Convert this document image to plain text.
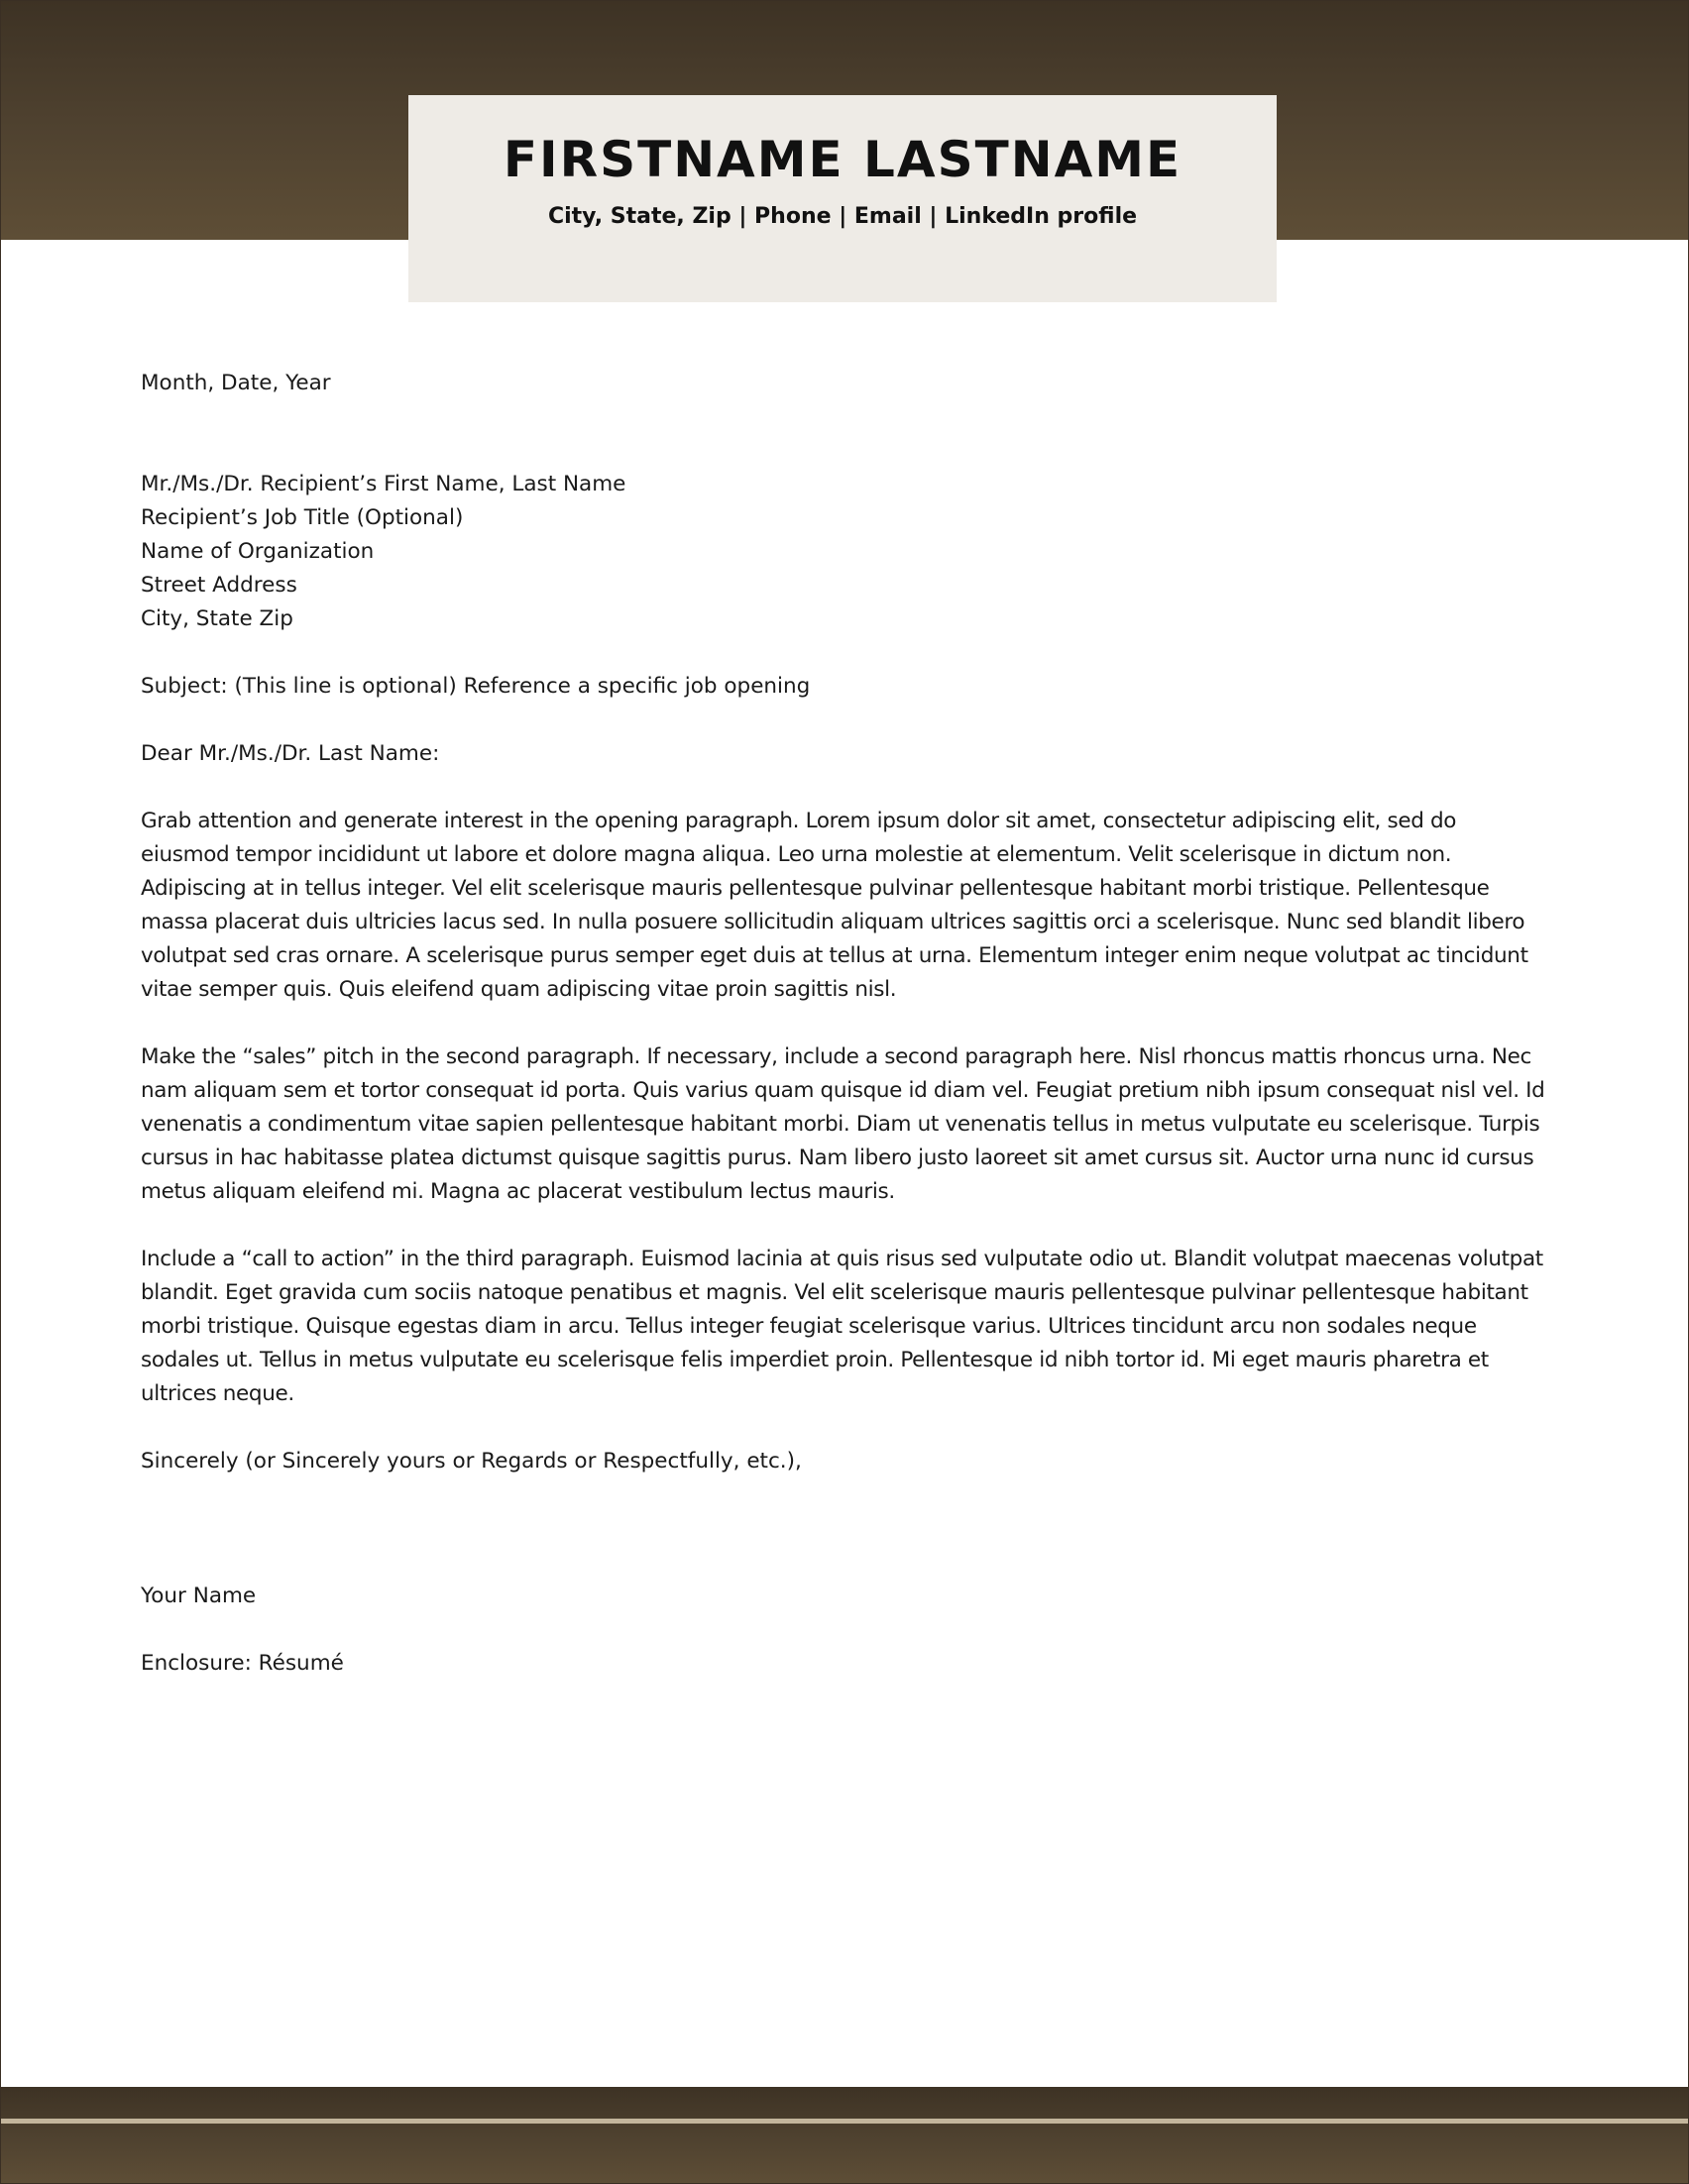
FIRSTNAME LASTNAME
City, State, Zip | Phone | Email | LinkedIn profile

Month, Date, Year

Mr./Ms./Dr. Recipient’s First Name, Last Name
Recipient’s Job Title (Optional)
Name of Organization
Street Address
City, State Zip

Subject: (This line is optional) Reference a specific job opening

Dear Mr./Ms./Dr. Last Name:

Grab attention and generate interest in the opening paragraph. Lorem ipsum dolor sit amet, consectetur adipiscing elit, sed do eiusmod tempor incididunt ut labore et dolore magna aliqua. Leo urna molestie at elementum. Velit scelerisque in dictum non. Adipiscing at in tellus integer. Vel elit scelerisque mauris pellentesque pulvinar pellentesque habitant morbi tristique. Pellentesque massa placerat duis ultricies lacus sed. In nulla posuere sollicitudin aliquam ultrices sagittis orci a scelerisque. Nunc sed blandit libero volutpat sed cras ornare. A scelerisque purus semper eget duis at tellus at urna. Elementum integer enim neque volutpat ac tincidunt vitae semper quis. Quis eleifend quam adipiscing vitae proin sagittis nisl.

Make the “sales” pitch in the second paragraph. If necessary, include a second paragraph here. Nisl rhoncus mattis rhoncus urna. Nec nam aliquam sem et tortor consequat id porta. Quis varius quam quisque id diam vel. Feugiat pretium nibh ipsum consequat nisl vel. Id venenatis a condimentum vitae sapien pellentesque habitant morbi. Diam ut venenatis tellus in metus vulputate eu scelerisque. Turpis cursus in hac habitasse platea dictumst quisque sagittis purus. Nam libero justo laoreet sit amet cursus sit. Auctor urna nunc id cursus metus aliquam eleifend mi. Magna ac placerat vestibulum lectus mauris.

Include a “call to action” in the third paragraph. Euismod lacinia at quis risus sed vulputate odio ut. Blandit volutpat maecenas volutpat blandit. Eget gravida cum sociis natoque penatibus et magnis. Vel elit scelerisque mauris pellentesque pulvinar pellentesque habitant morbi tristique. Quisque egestas diam in arcu. Tellus integer feugiat scelerisque varius. Ultrices tincidunt arcu non sodales neque sodales ut. Tellus in metus vulputate eu scelerisque felis imperdiet proin. Pellentesque id nibh tortor id. Mi eget mauris pharetra et ultrices neque.

Sincerely (or Sincerely yours or Regards or Respectfully, etc.),

Your Name

Enclosure: Résumé
